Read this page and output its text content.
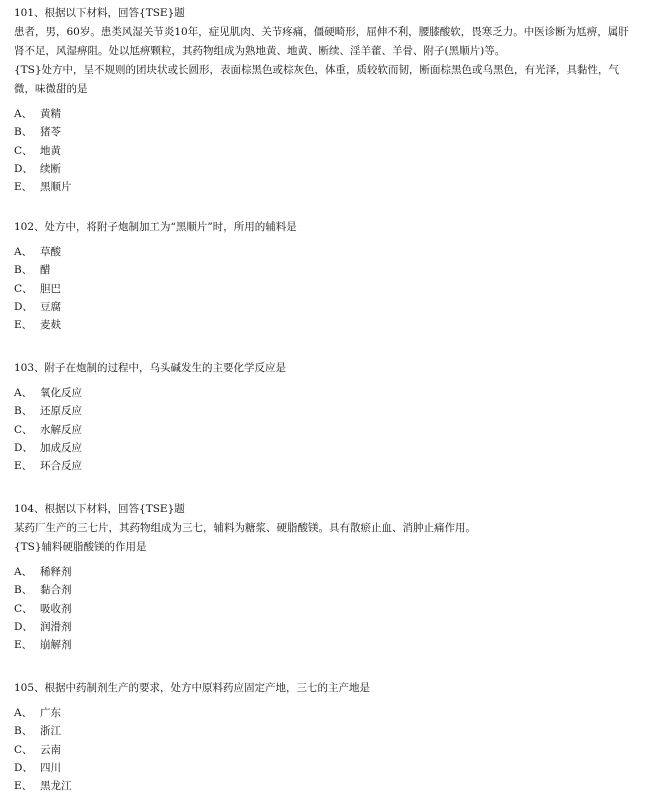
101、根据以下材料，回答{TSE}题
患者，男，60岁。患类风湿关节炎10年，症见肌肉、关节疼痛，僵硬畸形，屈伸不利，腰膝酸软，畏寒乏力。中医诊断为尪痹，属肝
肾不足，风湿痹阻。处以尪痹颗粒，其药物组成为熟地黄、地黄、断续、淫羊藿、羊骨、附子(黑顺片)等。
{TS}处方中，呈不规则的团块状或长圆形，表面棕黑色或棕灰色，体重，质较软而韧，断面棕黑色或乌黑色，有光泽，具黏性，气
微，味微甜的是
A、 黄精
B、 猪苓
C、 地黄
D、 续断
E、 黑顺片
102、处方中，将附子炮制加工为“黑顺片”时，所用的辅料是
A、 草酸
B、 醋
C、 胆巴
D、 豆腐
E、 麦麸
103、附子在炮制的过程中，乌头碱发生的主要化学反应是
A、 氧化反应
B、 还原反应
C、 水解反应
D、 加成反应
E、 环合反应
104、根据以下材料，回答{TSE}题
某药厂生产的三七片，其药物组成为三七，辅料为糖浆、硬脂酸镁。具有散瘀止血、消肿止痛作用。
{TS}辅料硬脂酸镁的作用是
A、 稀释剂
B、 黏合剂
C、 吸收剂
D、 润滑剂
E、 崩解剂
105、根据中药制剂生产的要求，处方中原料药应固定产地，三七的主产地是
A、 广东
B、 浙江
C、 云南
D、 四川
E、 黑龙江
